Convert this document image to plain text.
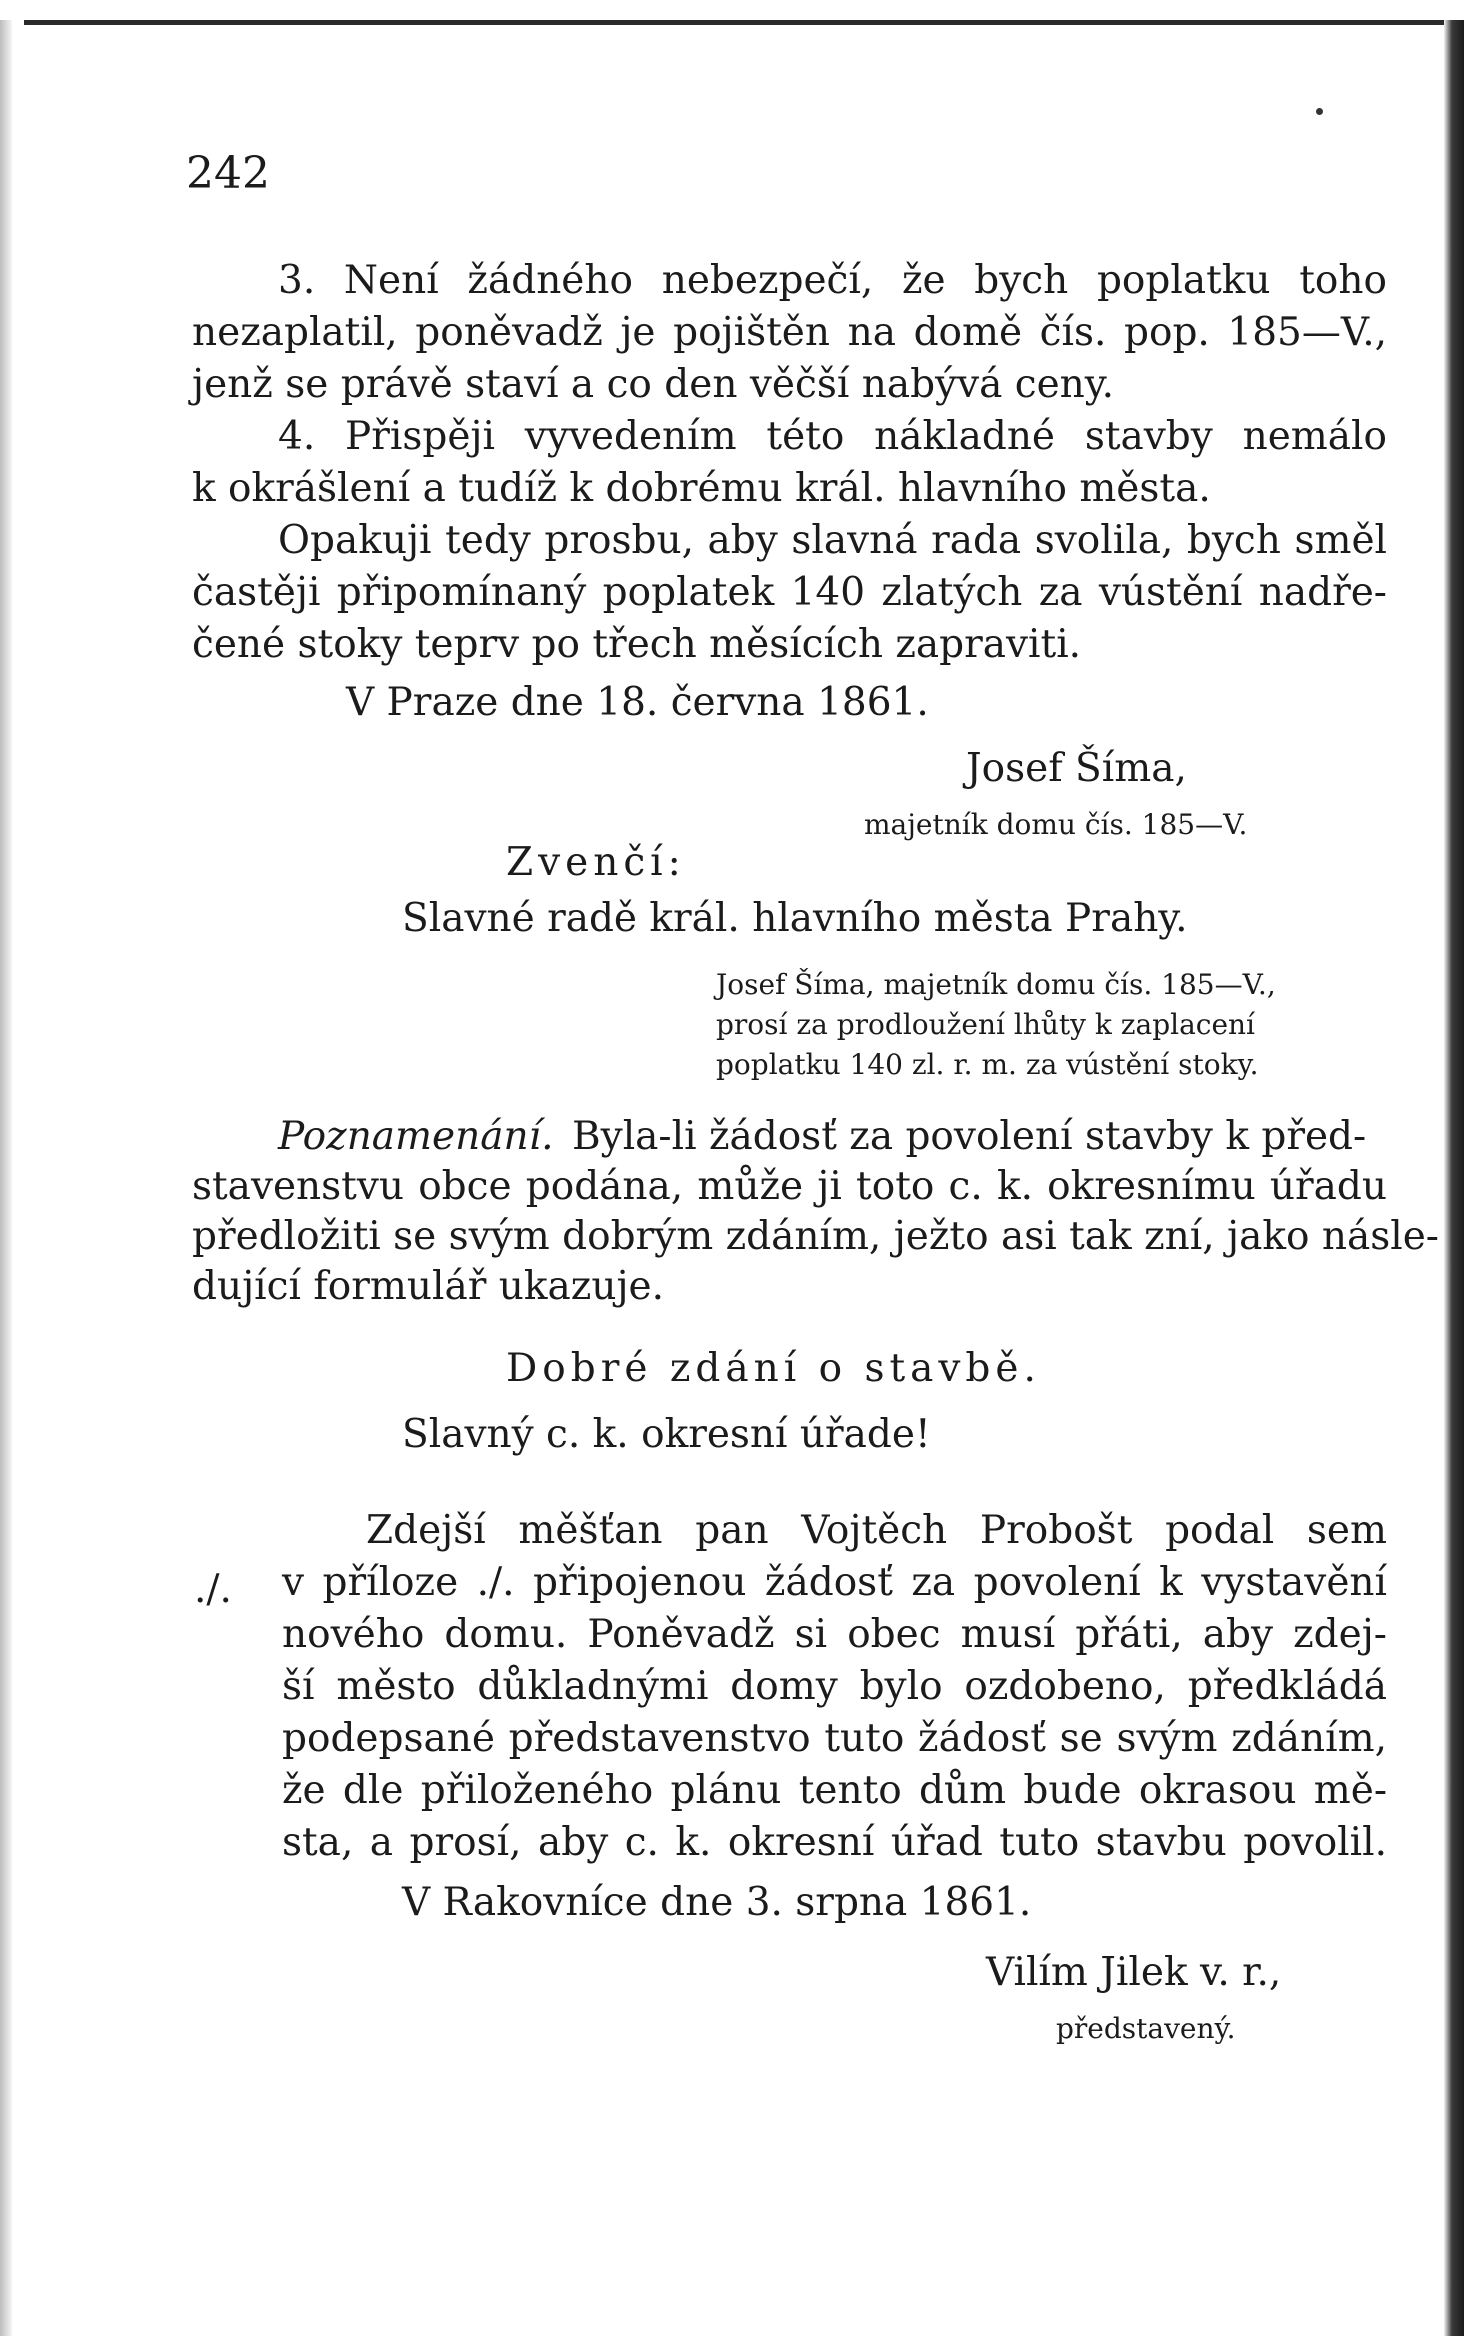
242
3. Není žádného nebezpečí, že bych poplatku toho
nezaplatil, poněvadž je pojištěn na domě čís. pop. 185—V.,
jenž se právě staví a co den věčší nabývá ceny.
4. Přispěji vyvedením této nákladné stavby nemálo
k okrášlení a tudíž k dobrému král. hlavního města.
Opakuji tedy prosbu, aby slavná rada svolila, bych směl
častěji připomínaný poplatek 140 zlatých za vústění nadře-
čené stoky teprv po třech měsících zapraviti.
V Praze dne 18. června 1861.
Josef Šíma,
majetník domu čís. 185—V.
Zvenčí:
Slavné radě král. hlavního města Prahy.
Josef Šíma, majetník domu čís. 185—V.,
prosí za prodloužení lhůty k zaplacení
poplatku 140 zl. r. m. za vústění stoky.
Poznamenání. Byla-li žádosť za povolení stavby k před-
stavenstvu obce podána, může ji toto c. k. okresnímu úřadu
předložiti se svým dobrým zdáním, ježto asi tak zní, jako násle-
dující formulář ukazuje.
Dobré zdání o stavbě.
Slavný c. k. okresní úřade!
Zdejší měšťan pan Vojtěch Probošt podal sem
./. v příloze ./. připojenou žádosť za povolení k vystavění
nového domu. Poněvadž si obec musí přáti, aby zdej-
ší město důkladnými domy bylo ozdobeno, předkládá
podepsané představenstvo tuto žádosť se svým zdáním,
že dle přiloženého plánu tento dům bude okrasou mě-
sta, a prosí, aby c. k. okresní úřad tuto stavbu povolil.
V Rakovníce dne 3. srpna 1861.
Vilím Jilek v. r.,
představený.
